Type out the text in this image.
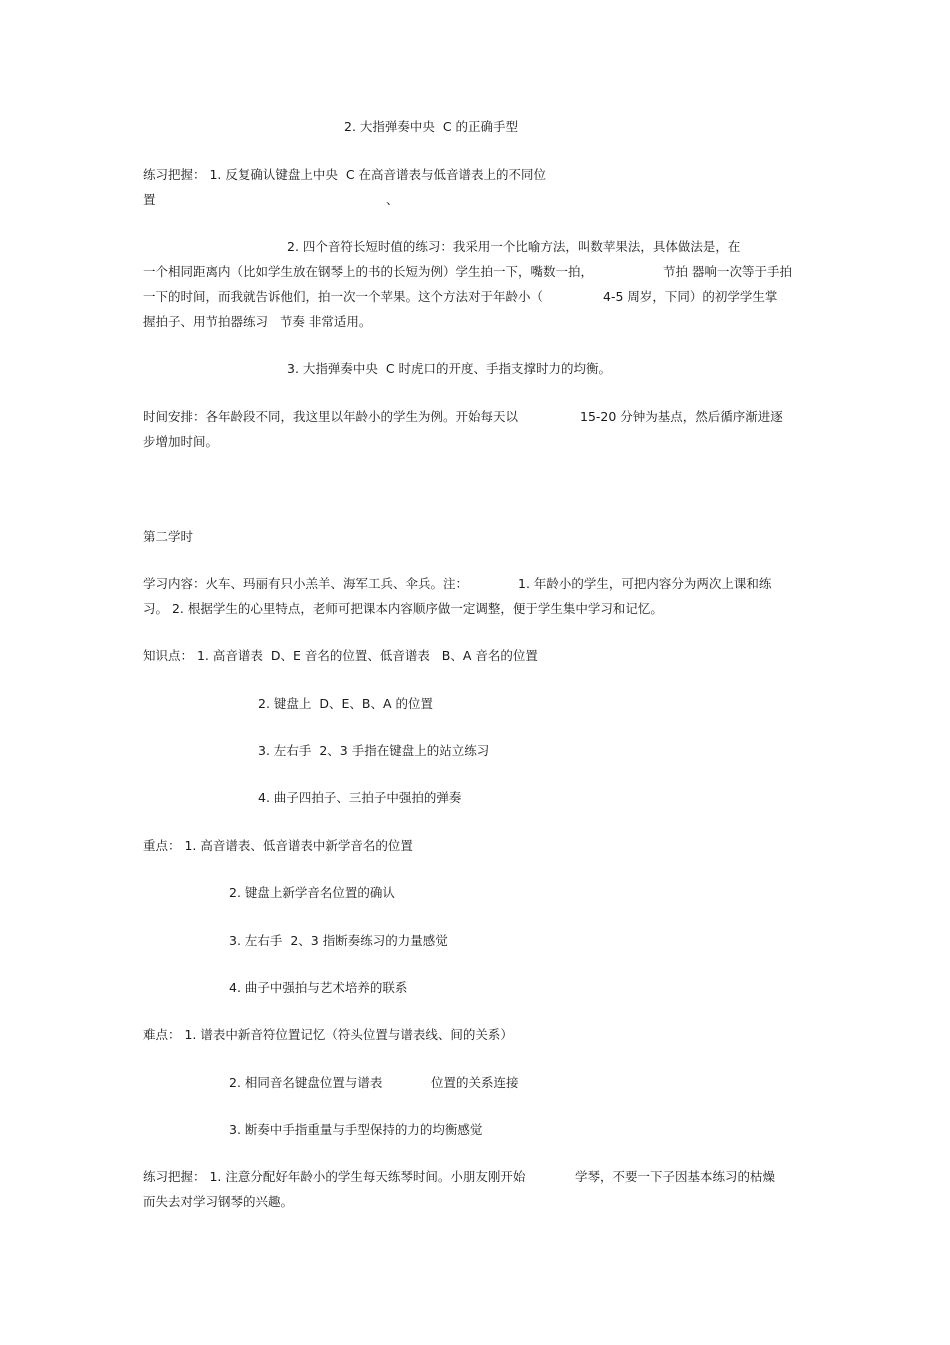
2. 大指弹奏中央  C 的正确手型
练习把握： 1. 反复确认键盘上中央  C 在高音谱表与低音谱表上的不同位
置	、
2. 四个音符长短时值的练习：我采用一个比喻方法，叫数苹果法，具体做法是，在
一个相同距离内（比如学生放在钢琴上的书的长短为例）学生拍一下，嘴数一拍，	节拍 器响一次等于手拍
一下的时间，而我就告诉他们，拍一次一个苹果。这个方法对于年龄小（	4-5 周岁，下同）的初学学生掌
握拍子、用节拍器练习   节奏 非常适用。
3. 大指弹奏中央  C 时虎口的开度、手指支撑时力的均衡。
时间安排：各年龄段不同，我这里以年龄小的学生为例。开始每天以	15-20 分钟为基点，然后循序渐进逐
步增加时间。
第二学时
学习内容：火车、玛丽有只小羔羊、海军工兵、伞兵。注：	1. 年龄小的学生，可把内容分为两次上课和练
习。 2. 根据学生的心里特点，老师可把课本内容顺序做一定调整，便于学生集中学习和记忆。
知识点： 1. 高音谱表  D、E 音名的位置、低音谱表   B、A 音名的位置
2. 键盘上  D、E、B、A 的位置
3. 左右手  2、3 手指在键盘上的站立练习
4. 曲子四拍子、三拍子中强拍的弹奏
重点： 1. 高音谱表、低音谱表中新学音名的位置
2. 键盘上新学音名位置的确认
3. 左右手  2、3 指断奏练习的力量感觉
4. 曲子中强拍与艺术培养的联系
难点： 1. 谱表中新音符位置记忆（符头位置与谱表线、间的关系）
2. 相同音名键盘位置与谱表	位置的关系连接
3. 断奏中手指重量与手型保持的力的均衡感觉
练习把握： 1. 注意分配好年龄小的学生每天练琴时间。小朋友刚开始	学琴，不要一下子因基本练习的枯燥
而失去对学习钢琴的兴趣。
